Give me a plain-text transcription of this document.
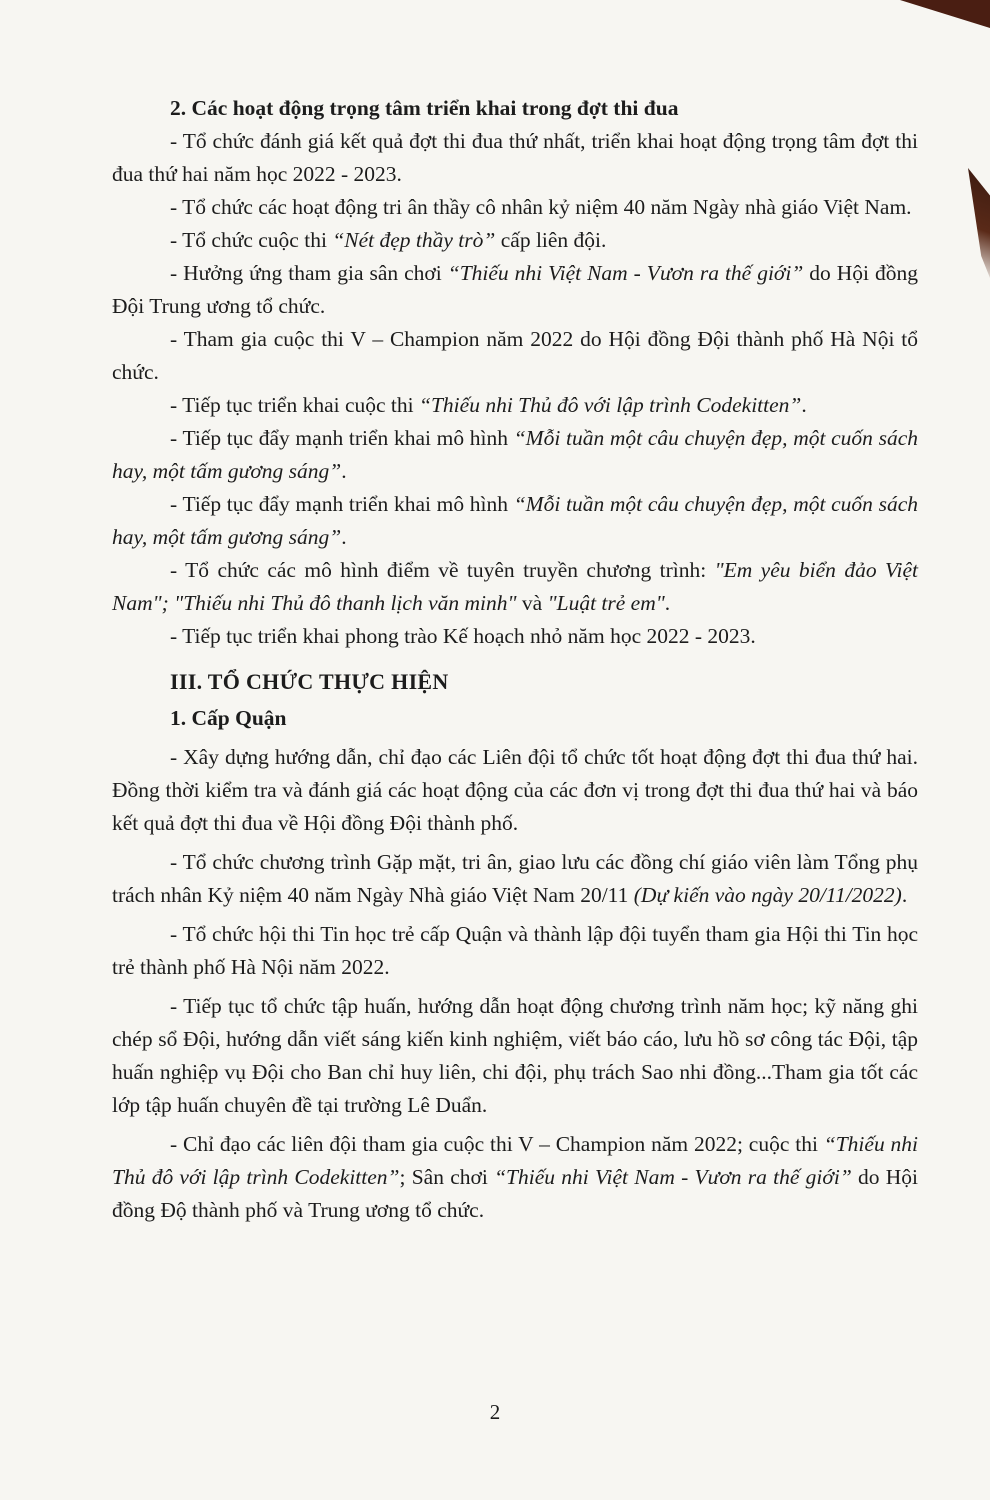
2. Các hoạt động trọng tâm triển khai trong đợt thi đua

- Tổ chức đánh giá kết quả đợt thi đua thứ nhất, triển khai hoạt động trọng tâm đợt thi đua thứ hai năm học 2022 - 2023.

- Tổ chức các hoạt động tri ân thầy cô nhân kỷ niệm 40 năm Ngày nhà giáo Việt Nam.

- Tổ chức cuộc thi “Nét đẹp thầy trò” cấp liên đội.

- Hưởng ứng tham gia sân chơi “Thiếu nhi Việt Nam - Vươn ra thế giới” do Hội đồng Đội Trung ương tổ chức.

- Tham gia cuộc thi V – Champion năm 2022 do Hội đồng Đội thành phố Hà Nội tổ chức.

- Tiếp tục triển khai cuộc thi “Thiếu nhi Thủ đô với lập trình Codekitten”.

- Tiếp tục đẩy mạnh triển khai mô hình “Mỗi tuần một câu chuyện đẹp, một cuốn sách hay, một tấm gương sáng”.

- Tiếp tục đẩy mạnh triển khai mô hình “Mỗi tuần một câu chuyện đẹp, một cuốn sách hay, một tấm gương sáng”.

- Tổ chức các mô hình điểm về tuyên truyền chương trình: "Em yêu biển đảo Việt Nam"; "Thiếu nhi Thủ đô thanh lịch văn minh" và "Luật trẻ em".

- Tiếp tục triển khai phong trào Kế hoạch nhỏ năm học 2022 - 2023.

III. TỔ CHỨC THỰC HIỆN

1. Cấp Quận

- Xây dựng hướng dẫn, chỉ đạo các Liên đội tổ chức tốt hoạt động đợt thi đua thứ hai. Đồng thời kiểm tra và đánh giá các hoạt động của các đơn vị trong đợt thi đua thứ hai và báo kết quả đợt thi đua về Hội đồng Đội thành phố.

- Tổ chức chương trình Gặp mặt, tri ân, giao lưu các đồng chí giáo viên làm Tổng phụ trách nhân Kỷ niệm 40 năm Ngày Nhà giáo Việt Nam 20/11 (Dự kiến vào ngày 20/11/2022).

- Tổ chức hội thi Tin học trẻ cấp Quận và thành lập đội tuyển tham gia Hội thi Tin học trẻ thành phố Hà Nội năm 2022.

- Tiếp tục tổ chức tập huấn, hướng dẫn hoạt động chương trình năm học; kỹ năng ghi chép sổ Đội, hướng dẫn viết sáng kiến kinh nghiệm, viết báo cáo, lưu hồ sơ công tác Đội, tập huấn nghiệp vụ Đội cho Ban chỉ huy liên, chi đội, phụ trách Sao nhi đồng...Tham gia tốt các lớp tập huấn chuyên đề tại trường Lê Duẩn.

- Chỉ đạo các liên đội tham gia cuộc thi V – Champion năm 2022; cuộc thi “Thiếu nhi Thủ đô với lập trình Codekitten”; Sân chơi “Thiếu nhi Việt Nam - Vươn ra thế giới” do Hội đồng Độ thành phố và Trung ương tổ chức.

2
